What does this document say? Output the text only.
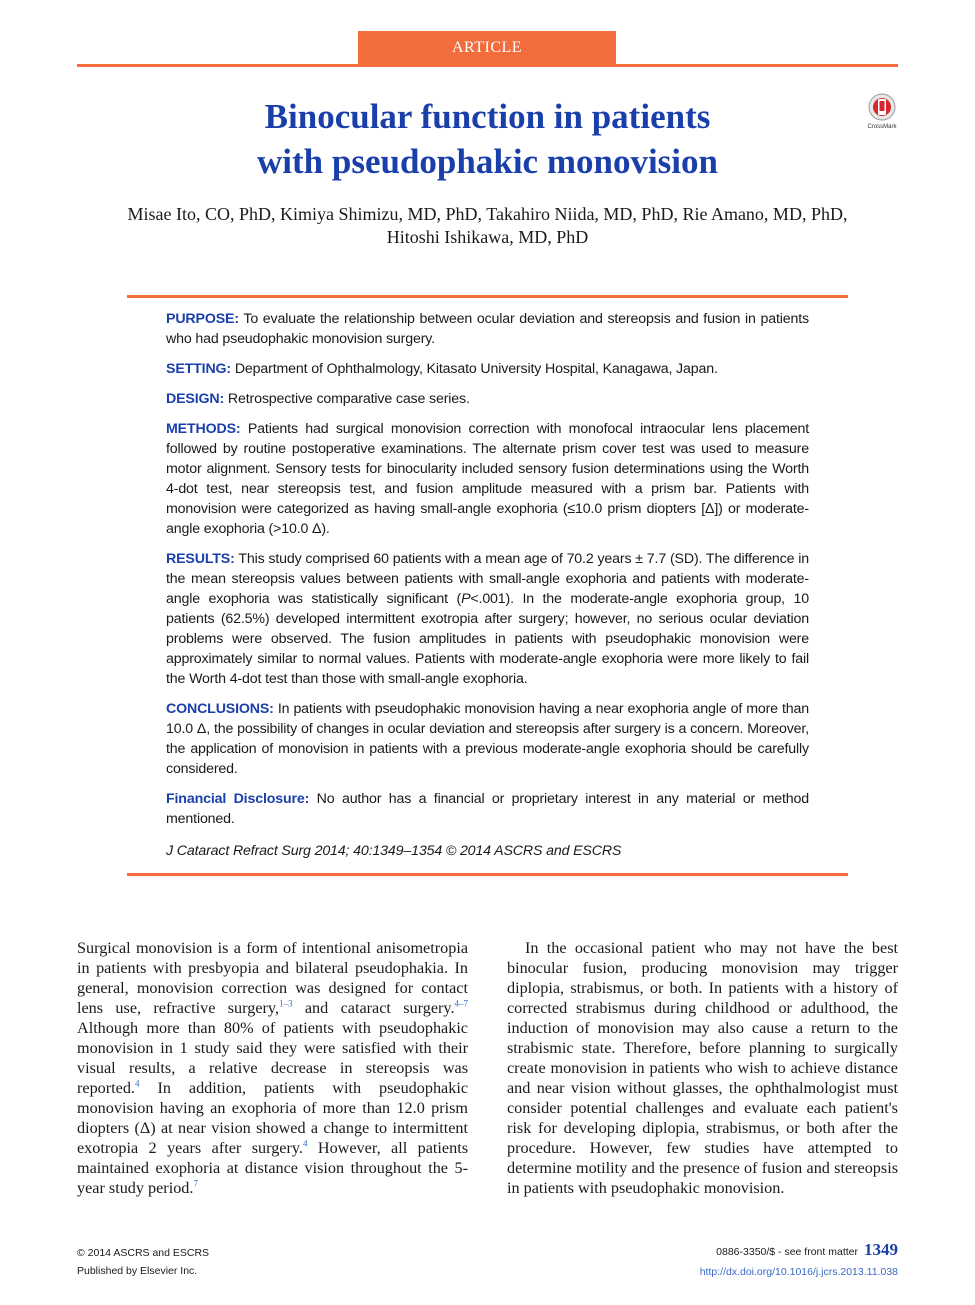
ARTICLE
Binocular function in patients
with pseudophakic monovision
CrossMark
Misae Ito, CO, PhD, Kimiya Shimizu, MD, PhD, Takahiro Niida, MD, PhD, Rie Amano, MD, PhD,
Hitoshi Ishikawa, MD, PhD

PURPOSE: To evaluate the relationship between ocular deviation and stereopsis and fusion in patients who had pseudophakic monovision surgery.

SETTING: Department of Ophthalmology, Kitasato University Hospital, Kanagawa, Japan.

DESIGN: Retrospective comparative case series.

METHODS: Patients had surgical monovision correction with monofocal intraocular lens placement followed by routine postoperative examinations. The alternate prism cover test was used to measure motor alignment. Sensory tests for binocularity included sensory fusion determinations using the Worth 4-dot test, near stereopsis test, and fusion amplitude measured with a prism bar. Patients with monovision were categorized as having small-angle exophoria (≤10.0 prism diopters [Δ]) or moderate-angle exophoria (>10.0 Δ).

RESULTS: This study comprised 60 patients with a mean age of 70.2 years ± 7.7 (SD). The difference in the mean stereopsis values between patients with small-angle exophoria and patients with moderate-angle exophoria was statistically significant (P<.001). In the moderate-angle exophoria group, 10 patients (62.5%) developed intermittent exotropia after surgery; however, no serious ocular deviation problems were observed. The fusion amplitudes in patients with pseudophakic monovision were approximately similar to normal values. Patients with moderate-angle exophoria were more likely to fail the Worth 4-dot test than those with small-angle exophoria.

CONCLUSIONS: In patients with pseudophakic monovision having a near exophoria angle of more than 10.0 Δ, the possibility of changes in ocular deviation and stereopsis after surgery is a concern. Moreover, the application of monovision in patients with a previous moderate-angle exophoria should be carefully considered.

Financial Disclosure: No author has a financial or proprietary interest in any material or method mentioned.

J Cataract Refract Surg 2014; 40:1349–1354 © 2014 ASCRS and ESCRS

Surgical monovision is a form of intentional anisometropia in patients with presbyopia and bilateral pseudophakia. In general, monovision correction was designed for contact lens use, refractive surgery,$^{1-3}$ and cataract surgery.$^{4-7}$ Although more than 80% of patients with pseudophakic monovision in 1 study said they were satisfied with their visual results, a relative decrease in stereopsis was reported.$^4$ In addition, patients with pseudophakic monovision having an exophoria of more than 12.0 prism diopters (Δ) at near vision showed a change to intermittent exotropia 2 years after surgery.$^4$ However, all patients maintained exophoria at distance vision throughout the 5-year study period.$^7$

In the occasional patient who may not have the best binocular fusion, producing monovision may trigger diplopia, strabismus, or both. In patients with a history of corrected strabismus during childhood or adulthood, the induction of monovision may also cause a return to the strabismic state. Therefore, before planning to surgically create monovision in patients who wish to achieve distance and near vision without glasses, the ophthalmologist must consider potential challenges and evaluate each patient's risk for developing diplopia, strabismus, or both after the procedure. However, few studies have attempted to determine motility and the presence of fusion and stereopsis in patients with pseudophakic monovision.

© 2014 ASCRS and ESCRS
Published by Elsevier Inc.
0886-3350/$ - see front matter 1349
http://dx.doi.org/10.1016/j.jcrs.2013.11.038
